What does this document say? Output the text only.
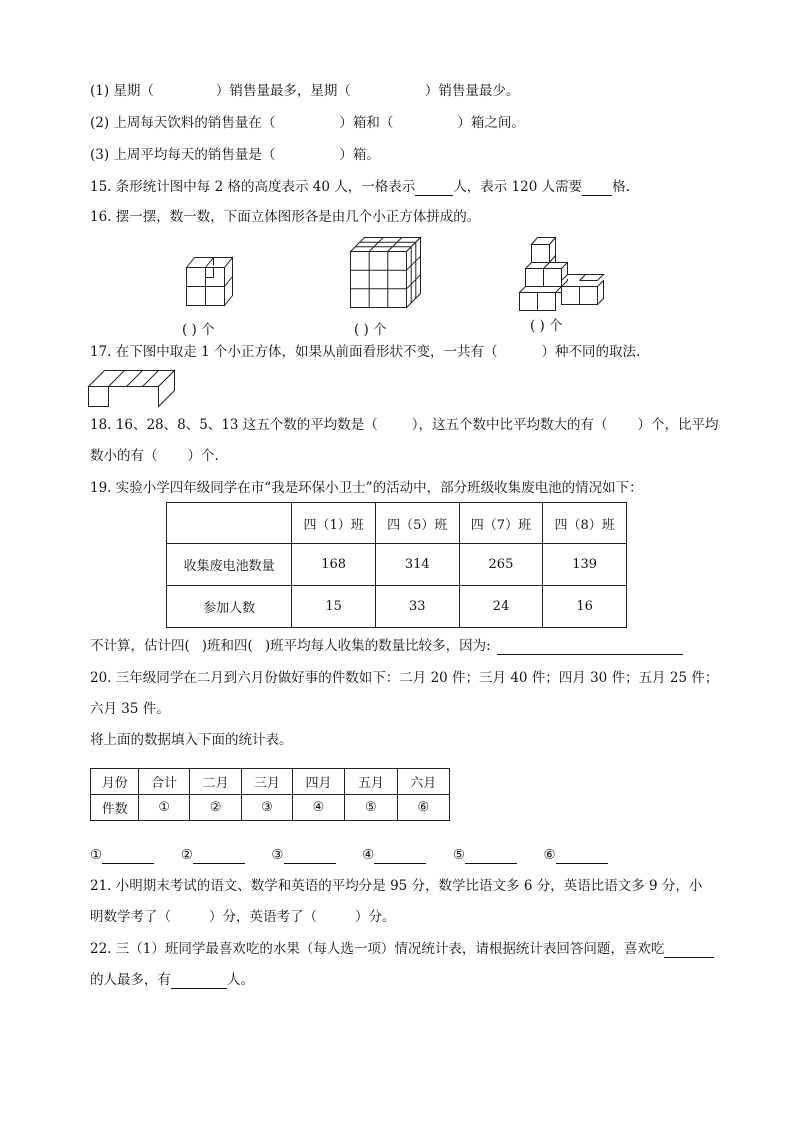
(1) 星期（	）销售量最多，星期（	）销售量最少。
(2) 上周每天饮料的销售量在（	）箱和（	）箱之间。
(3) 上周平均每天的销售量是（	）箱。
15. 条形统计图中每 2 格的高度表示 40 人，一格表示	人，表示 120 人需要 格.
16. 摆一摆，数一数，下面立体图形各是由几个小正方体拼成的。
( ) 个	( ) 个	( ) 个
17. 在下图中取走 1 个小正方体，如果从前面看形状不变，一共有（	）种不同的取法.
18. 16、28、8、5、13 这五个数的平均数是（	），这五个数中比平均数大的有（ ）个，比平均
数小的有（ ）个.
19. 实验小学四年级同学在市“我是环保小卫士”的活动中，部分班级收集废电池的情况如下：
	四（1）班	四（5）班	四（7）班	四（8）班
收集废电池数量	168	314	265	139
参加人数	15	33	24	16
不计算，估计四( )班和四( )班平均每人收集的数量比较多，因为:
20. 三年级同学在二月到六月份做好事的件数如下：二月 20 件；三月 40 件；四月 30 件；五月 25 件；
六月 35 件。
将上面的数据填入下面的统计表。
月份	合计	二月	三月	四月	五月	六月
件数	①	②	③	④	⑤	⑥
①	②	③	④	⑤	⑥
21. 小明期末考试的语文、数学和英语的平均分是 95 分，数学比语文多 6 分，英语比语文多 9 分，小
明数学考了（	）分，英语考了（	）分。
22. 三（1）班同学最喜欢吃的水果（每人选一项）情况统计表，请根据统计表回答问题，喜欢吃
的人最多，有	人。
